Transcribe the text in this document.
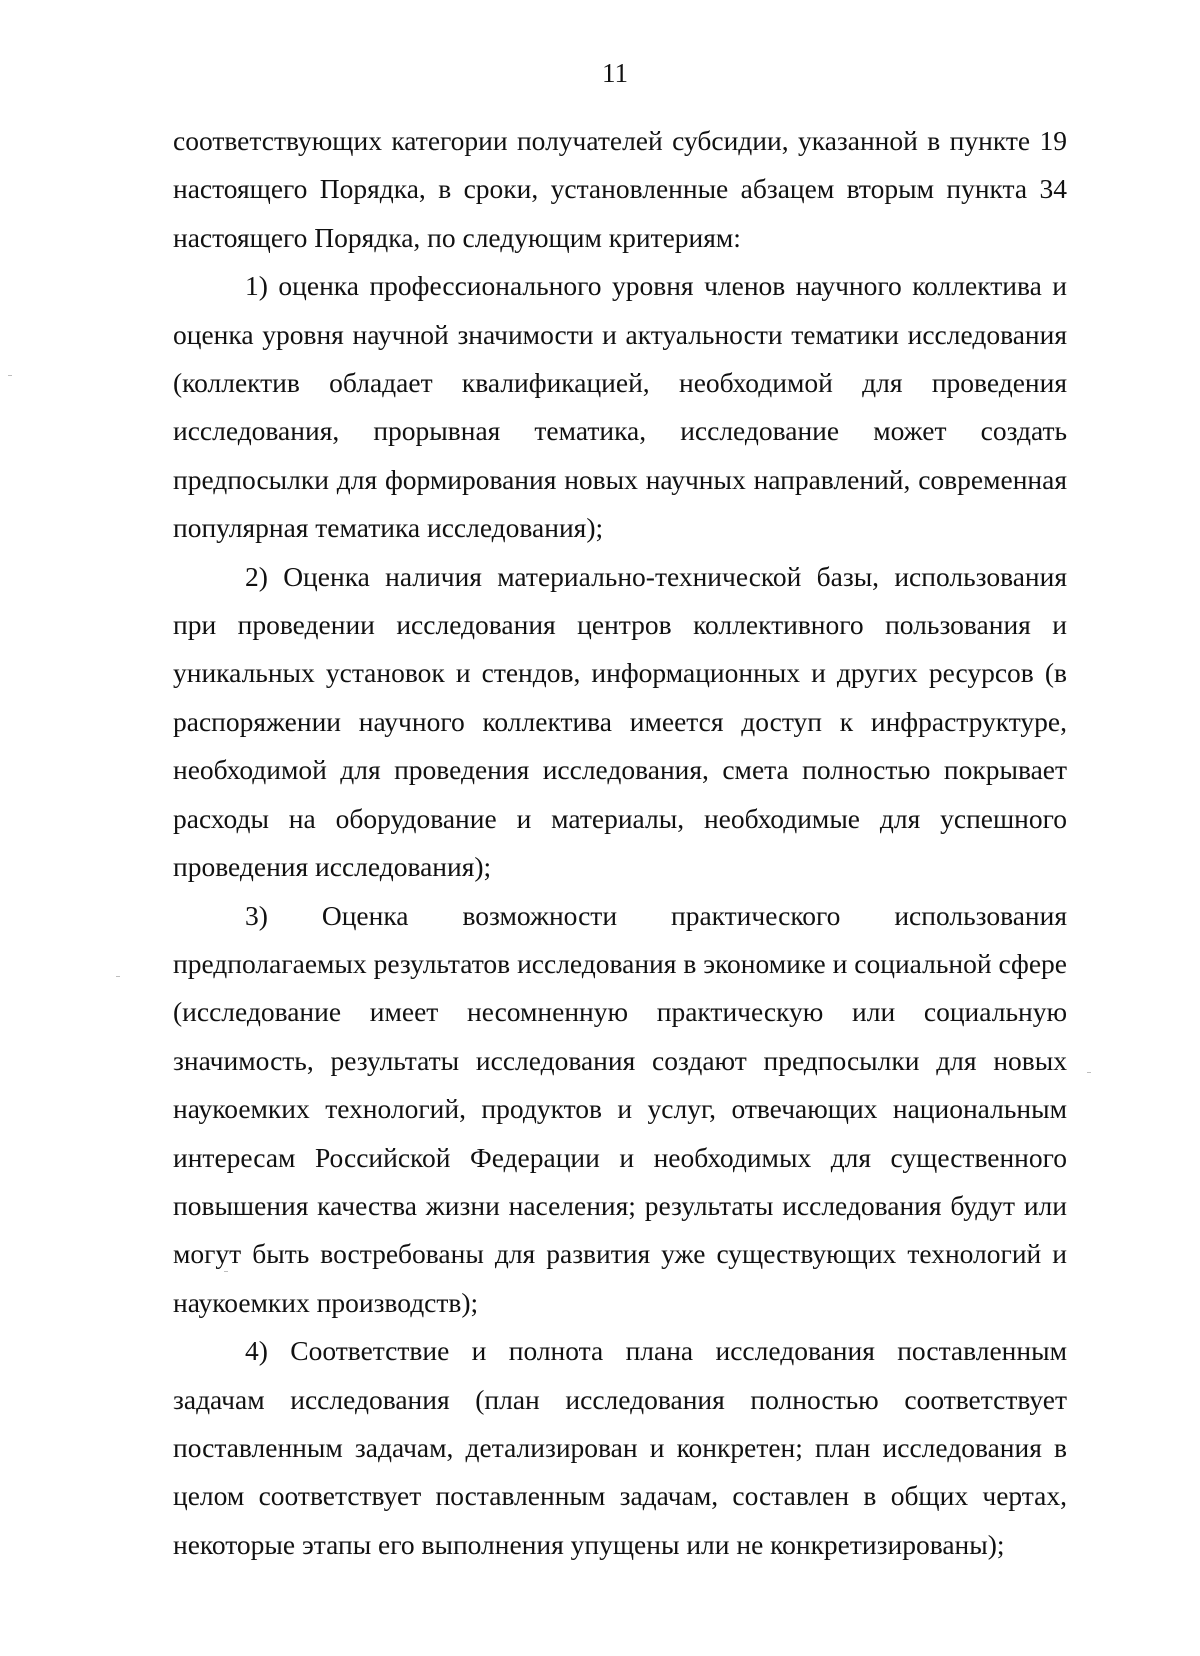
11

соответствующих категории получателей субсидии, указанной в пункте 19 настоящего Порядка, в сроки, установленные абзацем вторым пункта 34 настоящего Порядка, по следующим критериям:

1) оценка профессионального уровня членов научного коллектива и оценка уровня научной значимости и актуальности тематики исследования (коллектив обладает квалификацией, необходимой для проведения исследования, прорывная тематика, исследование может создать предпосылки для формирования новых научных направлений, современная популярная тематика исследования);

2) Оценка наличия материально-технической базы, использования при проведении исследования центров коллективного пользования и уникальных установок и стендов, информационных и других ресурсов (в распоряжении научного коллектива имеется доступ к инфраструктуре, необходимой для проведения исследования, смета полностью покрывает расходы на оборудование и материалы, необходимые для успешного проведения исследования);

3) Оценка возможности практического использования предполагаемых результатов исследования в экономике и социальной сфере (исследование имеет несомненную практическую или социальную значимость, результаты исследования создают предпосылки для новых наукоемких технологий, продуктов и услуг, отвечающих национальным интересам Российской Федерации и необходимых для существенного повышения качества жизни населения; результаты исследования будут или могут быть востребованы для развития уже существующих технологий и наукоемких производств);

4) Соответствие и полнота плана исследования поставленным задачам исследования (план исследования полностью соответствует поставленным задачам, детализирован и конкретен; план исследования в целом соответствует поставленным задачам, составлен в общих чертах, некоторые этапы его выполнения упущены или не конкретизированы);
